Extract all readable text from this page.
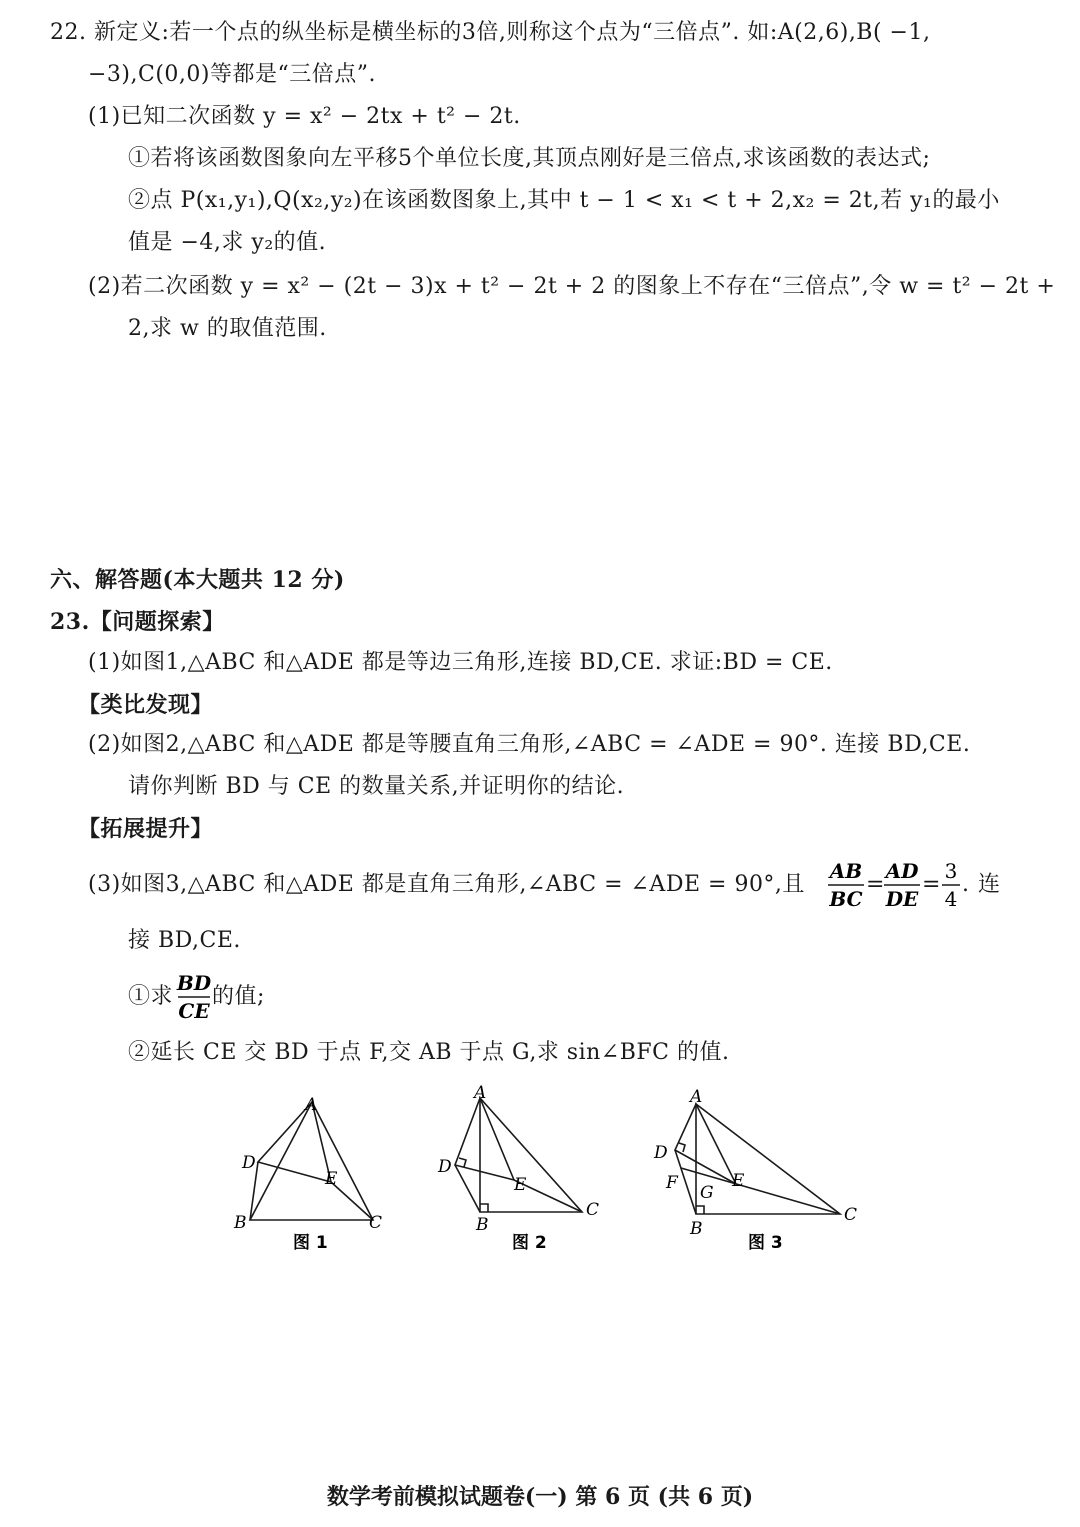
22. 新定义:若一个点的纵坐标是横坐标的3倍,则称这个点为“三倍点”. 如:A(2,6),B( −1,
−3),C(0,0)等都是“三倍点”.
(1)已知二次函数 y = x² − 2tx + t² − 2t.
①若将该函数图象向左平移5个单位长度,其顶点刚好是三倍点,求该函数的表达式;
②点 P(x₁,y₁),Q(x₂,y₂)在该函数图象上,其中 t − 1 < x₁ < t + 2,x₂ = 2t,若 y₁的最小
值是 −4,求 y₂的值.
(2)若二次函数 y = x² − (2t − 3)x + t² − 2t + 2 的图象上不存在“三倍点”,令 w = t² − 2t +
2,求 w 的取值范围.
六、解答题(本大题共 12 分)
23.【问题探索】
(1)如图1,△ABC 和△ADE 都是等边三角形,连接 BD,CE. 求证:BD = CE.
【类比发现】
(2)如图2,△ABC 和△ADE 都是等腰直角三角形,∠ABC = ∠ADE = 90°. 连接 BD,CE.
请你判断 BD 与 CE 的数量关系,并证明你的结论.
【拓展提升】
(3)如图3,△ABC 和△ADE 都是直角三角形,∠ABC = ∠ADE = 90°,且
AB
BC
=
AD
DE
=
3
4
. 连
接 BD,CE.
①求
BD
CE
的值;
②延长 CE 交 BD 于点 F,交 AB 于点 G,求 sin∠BFC 的值.
A
D
E
B	C
图 1
A
D
E
B
C
图 2
A
D
F G
E
B
C
图 3
数学考前模拟试题卷(一) 第 6 页 (共 6 页)
